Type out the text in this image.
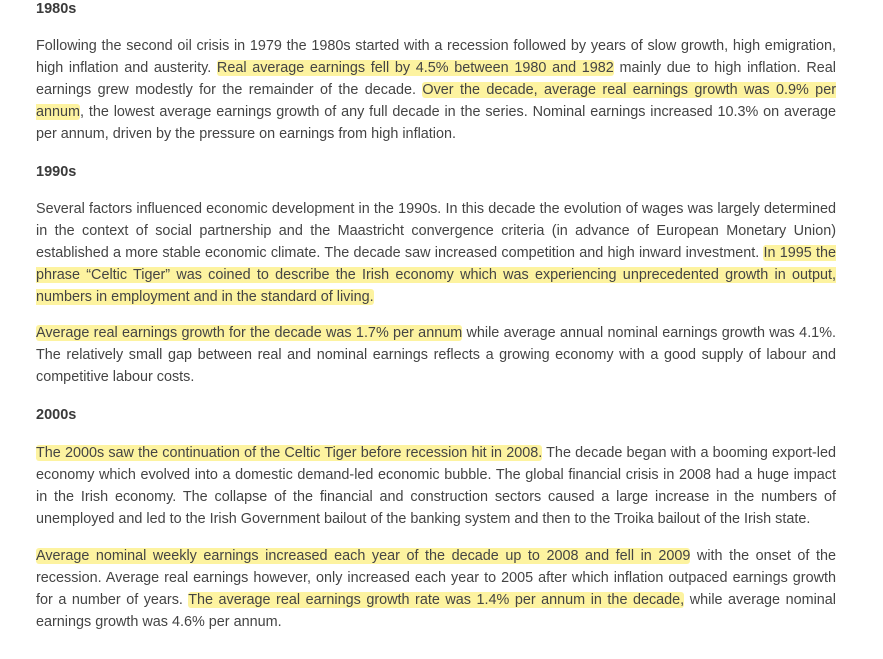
1980s

Following the second oil crisis in 1979 the 1980s started with a recession followed by years of slow growth, high emigration, high inflation and austerity. Real average earnings fell by 4.5% between 1980 and 1982 mainly due to high inflation. Real earnings grew modestly for the remainder of the decade. Over the decade, average real earnings growth was 0.9% per annum, the lowest average earnings growth of any full decade in the series. Nominal earnings increased 10.3% on average per annum, driven by the pressure on earnings from high inflation.

1990s

Several factors influenced economic development in the 1990s. In this decade the evolution of wages was largely determined in the context of social partnership and the Maastricht convergence criteria (in advance of European Monetary Union) established a more stable economic climate. The decade saw increased competition and high inward investment. In 1995 the phrase “Celtic Tiger” was coined to describe the Irish economy which was experiencing unprecedented growth in output, numbers in employment and in the standard of living.

Average real earnings growth for the decade was 1.7% per annum while average annual nominal earnings growth was 4.1%. The relatively small gap between real and nominal earnings reflects a growing economy with a good supply of labour and competitive labour costs.

2000s

The 2000s saw the continuation of the Celtic Tiger before recession hit in 2008. The decade began with a booming export-led economy which evolved into a domestic demand-led economic bubble. The global financial crisis in 2008 had a huge impact in the Irish economy. The collapse of the financial and construction sectors caused a large increase in the numbers of unemployed and led to the Irish Government bailout of the banking system and then to the Troika bailout of the Irish state.

Average nominal weekly earnings increased each year of the decade up to 2008 and fell in 2009 with the onset of the recession. Average real earnings however, only increased each year to 2005 after which inflation outpaced earnings growth for a number of years. The average real earnings growth rate was 1.4% per annum in the decade, while average nominal earnings growth was 4.6% per annum.
